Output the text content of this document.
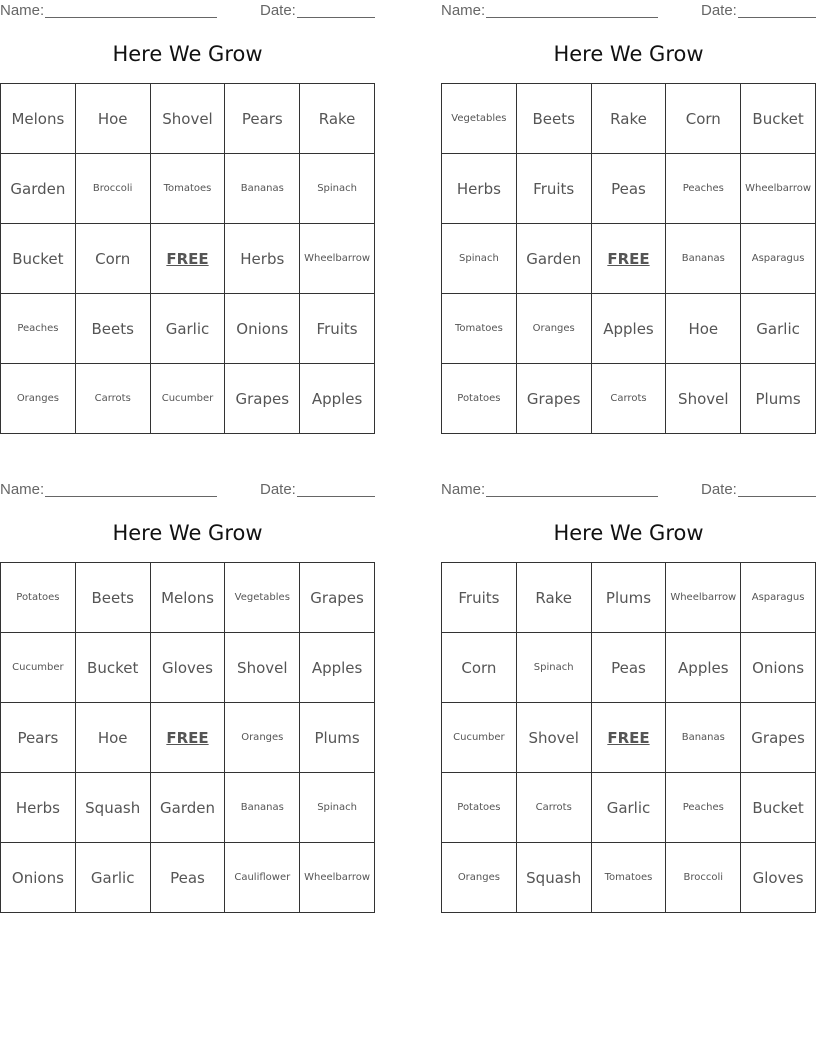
Name:	Date:
Here We Grow
Melons	Hoe	Shovel	Pears	Rake
Garden	Broccoli	Tomatoes	Bananas	Spinach
Bucket	Corn	FREE	Herbs	Wheelbarrow
Peaches	Beets	Garlic	Onions	Fruits
Oranges	Carrots	Cucumber	Grapes	Apples
Name:	Date:
Here We Grow
Vegetables	Beets	Rake	Corn	Bucket
Herbs	Fruits	Peas	Peaches	Wheelbarrow
Spinach	Garden	FREE	Bananas	Asparagus
Tomatoes	Oranges	Apples	Hoe	Garlic
Potatoes	Grapes	Carrots	Shovel	Plums
Name:	Date:
Here We Grow
Potatoes	Beets	Melons	Vegetables	Grapes
Cucumber	Bucket	Gloves	Shovel	Apples
Pears	Hoe	FREE	Oranges	Plums
Herbs	Squash	Garden	Bananas	Spinach
Onions	Garlic	Peas	Cauliflower	Wheelbarrow
Name:	Date:
Here We Grow
Fruits	Rake	Plums	Wheelbarrow	Asparagus
Corn	Spinach	Peas	Apples	Onions
Cucumber	Shovel	FREE	Bananas	Grapes
Potatoes	Carrots	Garlic	Peaches	Bucket
Oranges	Squash	Tomatoes	Broccoli	Gloves
